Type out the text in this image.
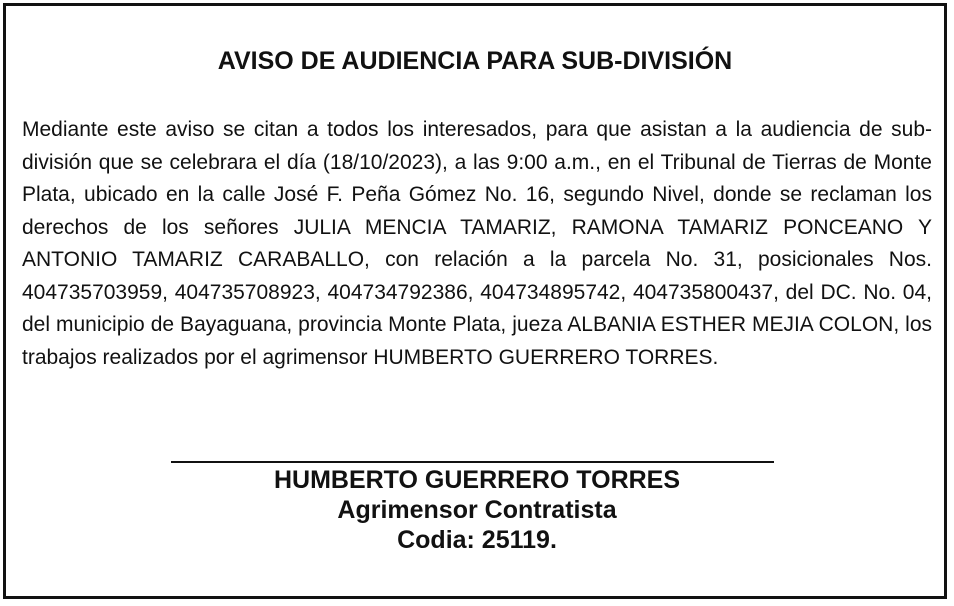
AVISO DE AUDIENCIA PARA SUB-DIVISIÓN

Mediante este aviso se citan a todos los interesados, para que asistan a la audiencia de sub-división que se celebrara el día (18/10/2023), a las 9:00 a.m., en el Tribunal de Tierras de Monte Plata, ubicado en la calle José F. Peña Gómez No. 16, segundo Nivel, donde se reclaman los derechos de los señores JULIA MENCIA TAMARIZ, RAMONA TAMARIZ PONCEANO Y ANTONIO TAMARIZ CARABALLO, con relación a la parcela No. 31, posicionales Nos. 404735703959, 404735708923, 404734792386, 404734895742, 404735800437, del DC. No. 04, del municipio de Bayaguana, provincia Monte Plata, jueza ALBANIA ESTHER MEJIA COLON, los trabajos realizados por el agrimensor HUMBERTO GUERRERO TORRES.

HUMBERTO GUERRERO TORRES
Agrimensor Contratista
Codia: 25119.
